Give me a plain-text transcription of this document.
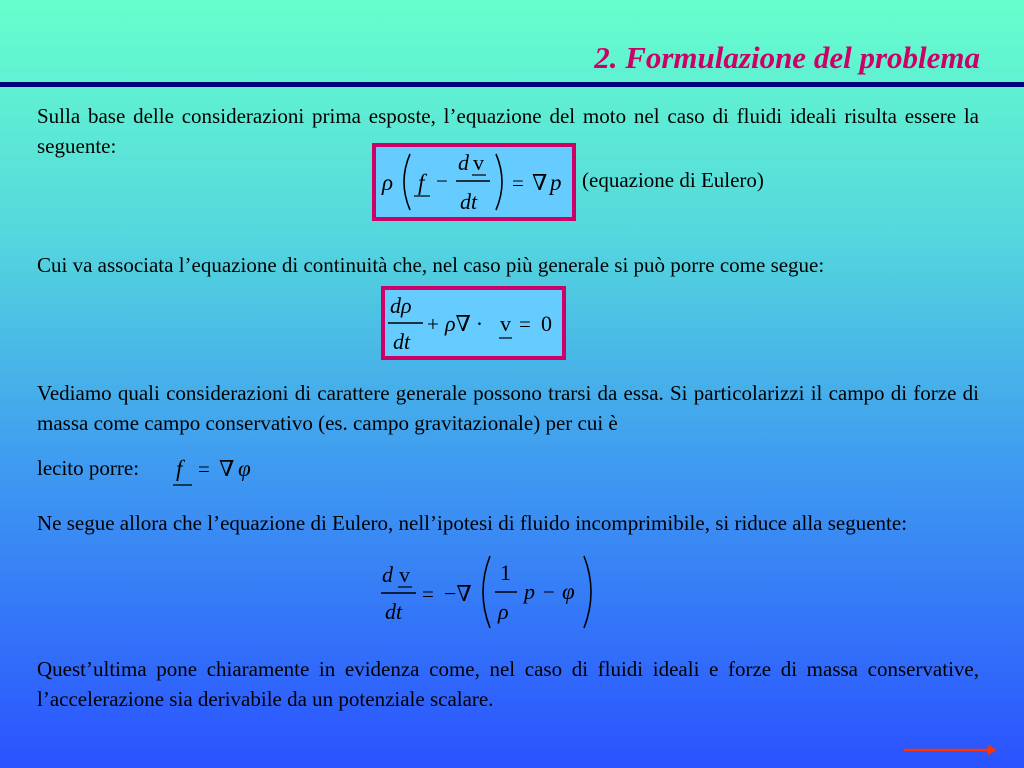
2. Formulazione del problema
Sulla base delle considerazioni prima esposte, l’equazione del moto nel caso di fluidi ideali risulta essere la seguente:
ρ f −
d v
dt
= ∇ p (equazione di Eulero)
Cui va associata l’equazione di continuità che, nel caso più generale si può porre come segue:
dρ
dt
+ ρ∇ · v = 0
Vediamo quali considerazioni di carattere generale possono trarsi da essa. Si particolarizzi il campo di forze di massa come campo conservativo (es. campo gravitazionale) per cui è
lecito porre: f = ∇ φ
Ne segue allora che l’equazione di Eulero, nell’ipotesi di fluido incomprimibile, si riduce alla seguente:
d v
dt
= −∇
1
ρ
p − φ
Quest’ultima pone chiaramente in evidenza come, nel caso di fluidi ideali e forze di massa conservative, l’accelerazione sia derivabile da un potenziale scalare.
